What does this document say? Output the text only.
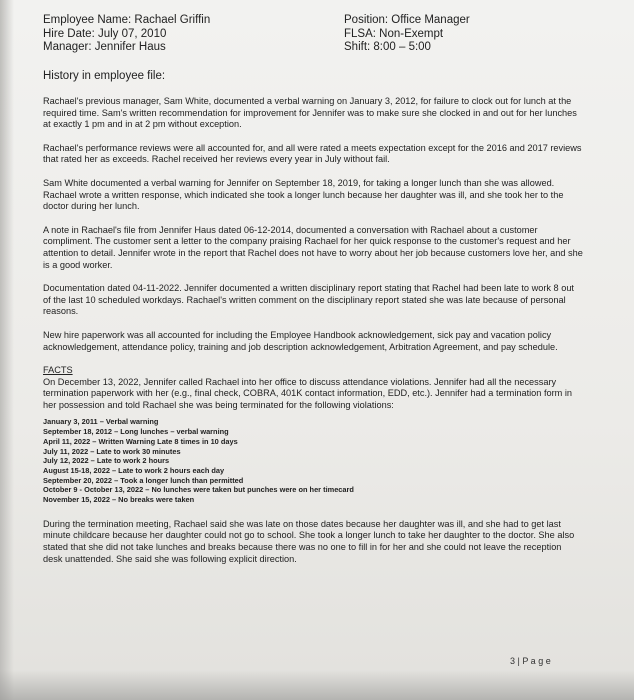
Employee Name: Rachael Griffin
Hire Date: July 07, 2010
Manager: Jennifer Haus
Position: Office Manager
FLSA: Non-Exempt
Shift: 8:00 – 5:00
History in employee file:

Rachael's previous manager, Sam White, documented a verbal warning on January 3, 2012, for failure to clock out for lunch at the required time. Sam's written recommendation for improvement for Jennifer was to make sure she clocked in and out for her lunches at exactly 1 pm and in at 2 pm without exception.

Rachael's performance reviews were all accounted for, and all were rated a meets expectation except for the 2016 and 2017 reviews that rated her as exceeds. Rachel received her reviews every year in July without fail.

Sam White documented a verbal warning for Jennifer on September 18, 2019, for taking a longer lunch than she was allowed. Rachael wrote a written response, which indicated she took a longer lunch because her daughter was ill, and she took her to the doctor during her lunch.

A note in Rachael's file from Jennifer Haus dated 06-12-2014, documented a conversation with Rachael about a customer compliment. The customer sent a letter to the company praising Rachael for her quick response to the customer's request and her attention to detail. Jennifer wrote in the report that Rachel does not have to worry about her job because customers love her, and she is a good worker.

Documentation dated 04-11-2022. Jennifer documented a written disciplinary report stating that Rachel had been late to work 8 out of the last 10 scheduled workdays. Rachael's written comment on the disciplinary report stated she was late because of personal reasons.

New hire paperwork was all accounted for including the Employee Handbook acknowledgement, sick pay and vacation policy acknowledgement, attendance policy, training and job description acknowledgement, Arbitration Agreement, and pay schedule.

FACTS

On December 13, 2022, Jennifer called Rachael into her office to discuss attendance violations. Jennifer had all the necessary termination paperwork with her (e.g., final check, COBRA, 401K contact information, EDD, etc.). Jennifer had a termination form in her possession and told Rachael she was being terminated for the following violations:

January 3, 2011 – Verbal warning
September 18, 2012 – Long lunches – verbal warning
April 11, 2022 – Written Warning Late 8 times in 10 days
July 11, 2022 – Late to work 30 minutes
July 12, 2022 – Late to work 2 hours
August 15-18, 2022 – Late to work 2 hours each day
September 20, 2022 – Took a longer lunch than permitted
October 9 - October 13, 2022 – No lunches were taken but punches were on her timecard
November 15, 2022 – No breaks were taken

During the termination meeting, Rachael said she was late on those dates because her daughter was ill, and she had to get last minute childcare because her daughter could not go to school. She took a longer lunch to take her daughter to the doctor. She also stated that she did not take lunches and breaks because there was no one to fill in for her and she could not leave the reception desk unattended. She said she was following explicit direction.

3 | P a g e
